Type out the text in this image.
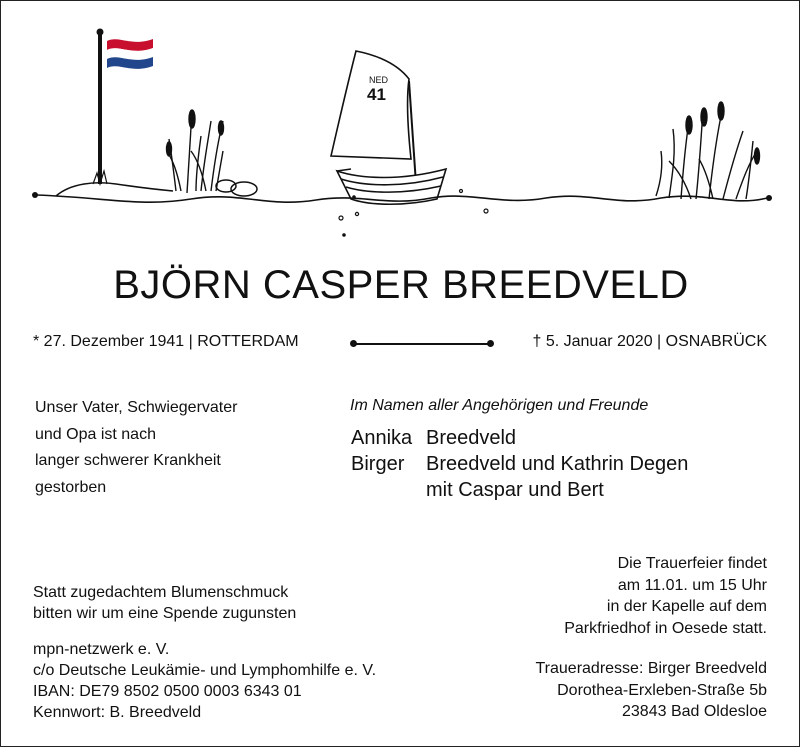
NED
41
BJÖRN CASPER BREEDVELD
* 27. Dezember 1941 | ROTTERDAM	† 5. Januar 2020 | OSNABRÜCK
Unser Vater, Schwiegervater
und Opa ist nach
langer schwerer Krankheit
gestorben
Im Namen aller Angehörigen und Freunde
Annika Breedveld
Birger	Breedveld und Kathrin Degen
mit Caspar und Bert
Statt zugedachtem Blumenschmuck
bitten wir um eine Spende zugunsten
mpn-netzwerk e. V.
c/o Deutsche Leukämie- und Lymphomhilfe e. V.
IBAN: DE79 8502 0500 0003 6343 01
Kennwort: B. Breedveld
Die Trauerfeier findet
am 11.01. um 15 Uhr
in der Kapelle auf dem
Parkfriedhof in Oesede statt.
Traueradresse: Birger Breedveld
Dorothea-Erxleben-Straße 5b
23843 Bad Oldesloe
